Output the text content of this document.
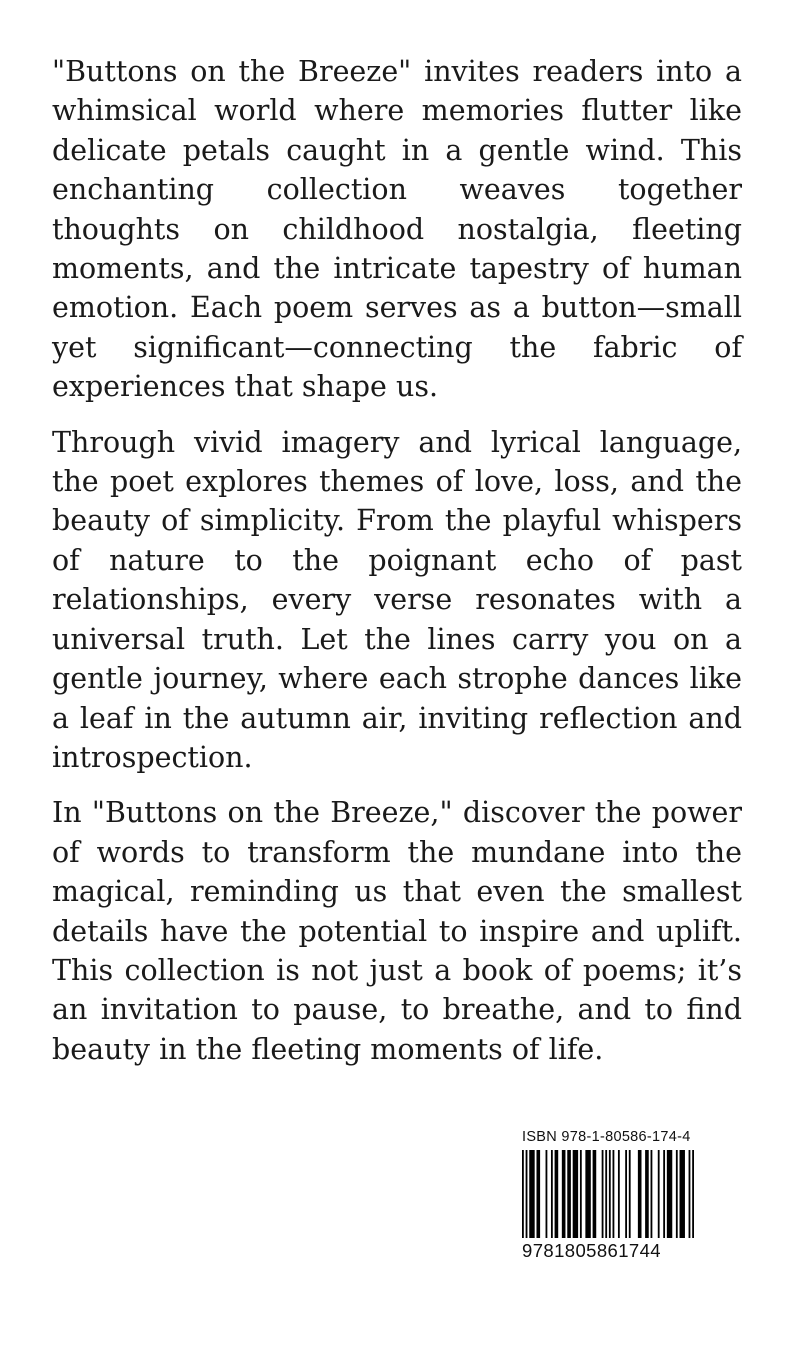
"Buttons on the Breeze" invites readers into a whimsical world where memories flutter like delicate petals caught in a gentle wind. This enchanting collection weaves together thoughts on childhood nostalgia, fleeting moments, and the intricate tapestry of human emotion. Each poem serves as a button—small yet significant—connecting the fabric of experiences that shape us.

Through vivid imagery and lyrical language, the poet explores themes of love, loss, and the beauty of simplicity. From the playful whispers of nature to the poignant echo of past relationships, every verse resonates with a universal truth. Let the lines carry you on a gentle journey, where each strophe dances like a leaf in the autumn air, inviting reflection and introspection.

In "Buttons on the Breeze," discover the power of words to transform the mundane into the magical, reminding us that even the smallest details have the potential to inspire and uplift. This collection is not just a book of poems; it’s an invitation to pause, to breathe, and to find beauty in the fleeting moments of life.

ISBN 978-1-80586-174-4
9781805861744
